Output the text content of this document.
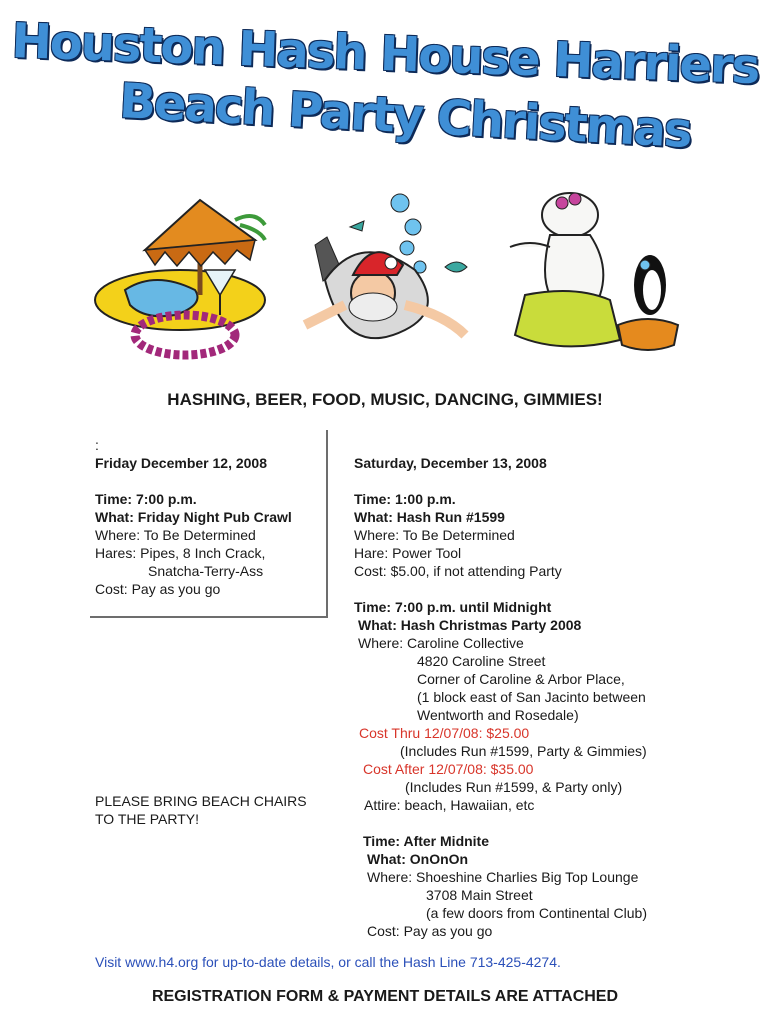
Houston Hash House Harriers
Beach Party Christmas
HASHING, BEER, FOOD, MUSIC, DANCING, GIMMIES!
:
Friday December 12, 2008
Time: 7:00 p.m.
What: Friday Night Pub Crawl
Where: To Be Determined
Hares: Pipes, 8 Inch Crack,
Snatcha-Terry-Ass
Cost: Pay as you go
PLEASE BRING BEACH CHAIRS
TO THE PARTY!
Saturday, December 13, 2008
Time: 1:00 p.m.
What: Hash Run #1599
Where: To Be Determined
Hare: Power Tool
Cost: $5.00, if not attending Party
Time: 7:00 p.m. until Midnight
What: Hash Christmas Party 2008
Where: Caroline Collective
4820 Caroline Street
Corner of Caroline & Arbor Place,
(1 block east of San Jacinto between
Wentworth and Rosedale)
Cost Thru 12/07/08: $25.00
(Includes Run #1599, Party & Gimmies)
Cost After 12/07/08: $35.00
(Includes Run #1599, & Party only)
Attire: beach, Hawaiian, etc
Time: After Midnite
What: OnOnOn
Where: Shoeshine Charlies Big Top Lounge
3708 Main Street
(a few doors from Continental Club)
Cost: Pay as you go
Visit www.h4.org for up-to-date details, or call the Hash Line 713-425-4274.
REGISTRATION FORM & PAYMENT DETAILS ARE ATTACHED
